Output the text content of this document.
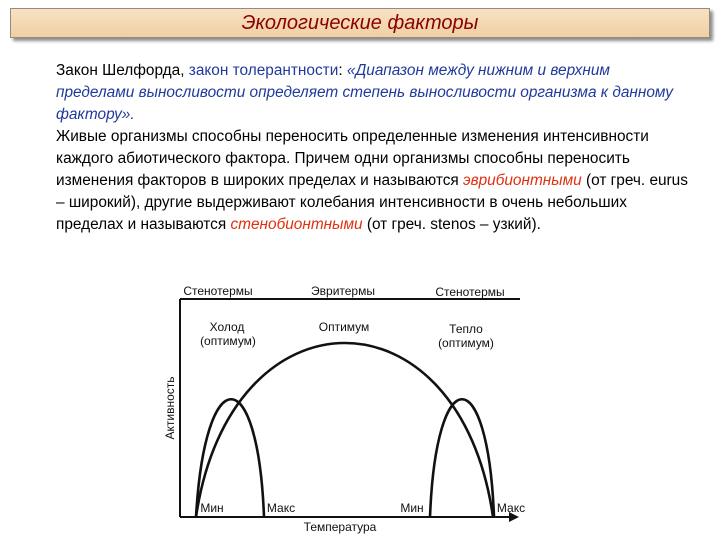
Экологические факторы

Закон Шелфорда, закон толерантности: «Диапазон между нижним и верхним пределами выносливости определяет степень выносливости организма к данному фактору».

Живые организмы способны переносить определенные изменения интенсивности каждого абиотического фактора. Причем одни организмы способны переносить изменения факторов в широких пределах и называются эврибионтными (от греч. eurus – широкий), другие выдерживают колебания интенсивности в очень небольших пределах и называются стенобионтными (от греч. stenos – узкий).

Стенотермы	Эвритермы	Стенотермы
Холод
(оптимум)
Оптимум	Тепло
(оптимум)
Активность
Температура
Мин	Макс	Мин	Макс
